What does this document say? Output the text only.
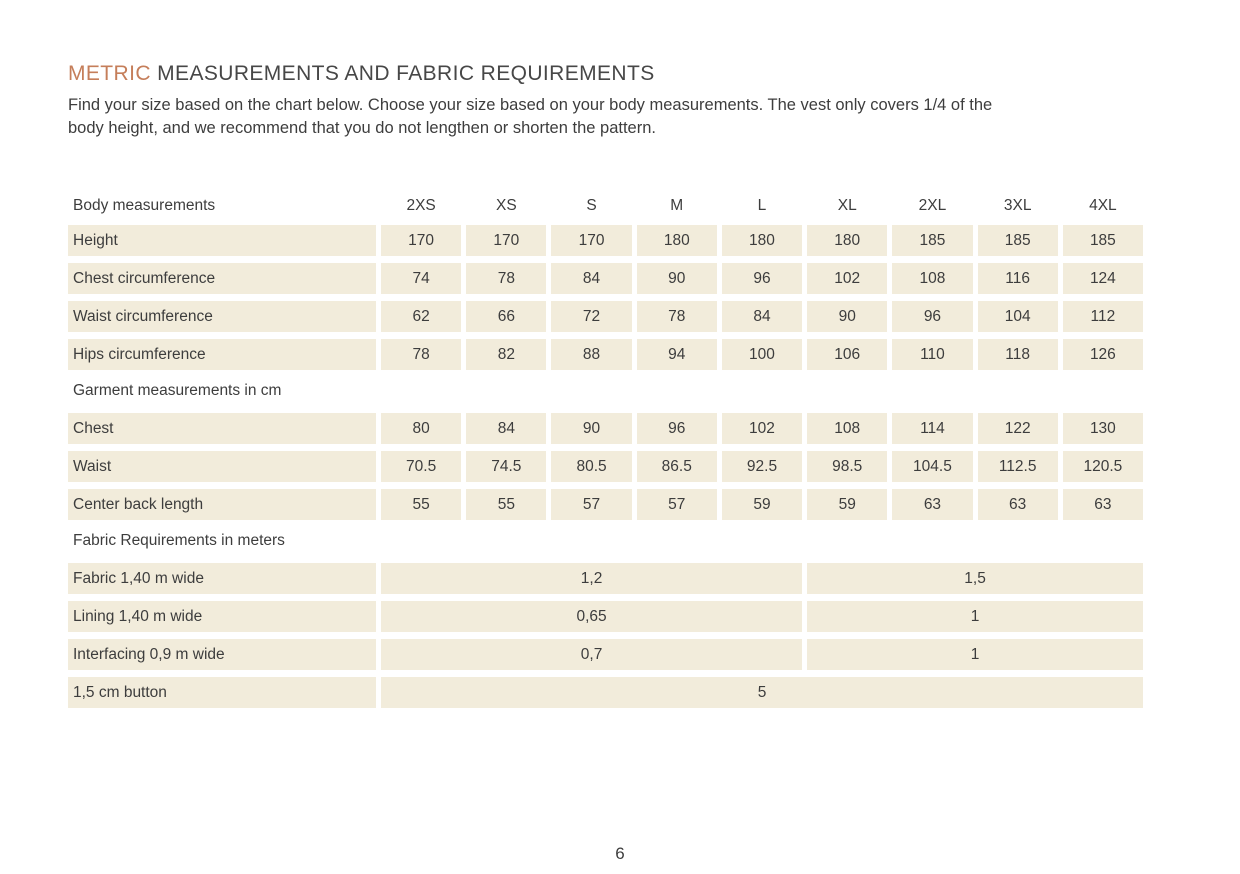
METRIC MEASUREMENTS AND FABRIC REQUIREMENTS
Find your size based on the chart below. Choose your size based on your body measurements. The vest only covers 1/4 of the
body height, and we recommend that you do not lengthen or shorten the pattern.
Body measurements	2XS	XS	S	M	L	XL	2XL	3XL	4XL
Height	170	170	170	180	180	180	185	185	185
Chest circumference	74	78	84	90	96	102	108	116	124
Waist circumference	62	66	72	78	84	90	96	104	112
Hips circumference	78	82	88	94	100	106	110	118	126
Garment measurements in cm
Chest	80	84	90	96	102	108	114	122	130
Waist	70.5	74.5	80.5	86.5	92.5	98.5	104.5	112.5	120.5
Center back length	55	55	57	57	59	59	63	63	63
Fabric Requirements in meters
Fabric 1,40 m wide	1,2	1,5
Lining 1,40 m wide	0,65	1
Interfacing 0,9 m wide	0,7	1
1,5 cm button	5
6
